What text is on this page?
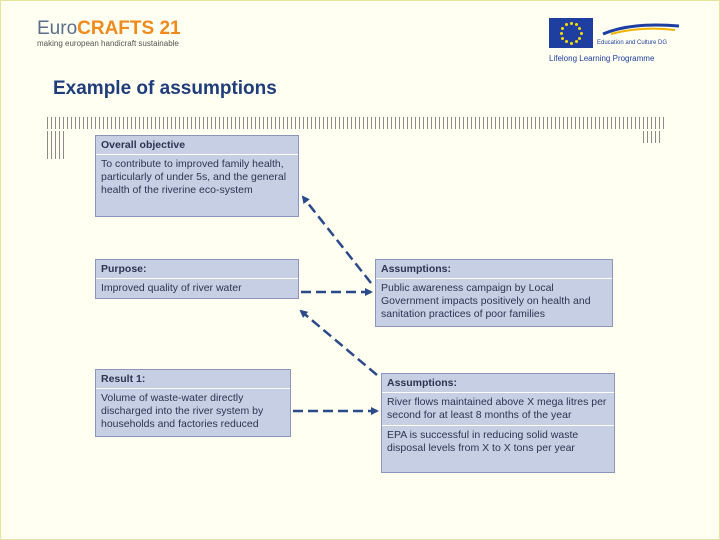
EuroCRAFTS 21
making european handicraft sustainable	Education and Culture DG
Lifelong Learning Programme
Example of assumptions
Overall objective
To contribute to improved family health, particularly of under 5s, and the general health of the riverine eco-system
Purpose:
Improved quality of river water
Result 1:
Volume of waste-water directly discharged into the river system by households and factories reduced
Assumptions:
Public awareness campaign by Local Government impacts positively on health and sanitation practices of poor families
Assumptions:
River flows maintained above X mega litres per second for at least 8 months of the year
EPA is successful in reducing solid waste disposal levels from X to X tons per year
